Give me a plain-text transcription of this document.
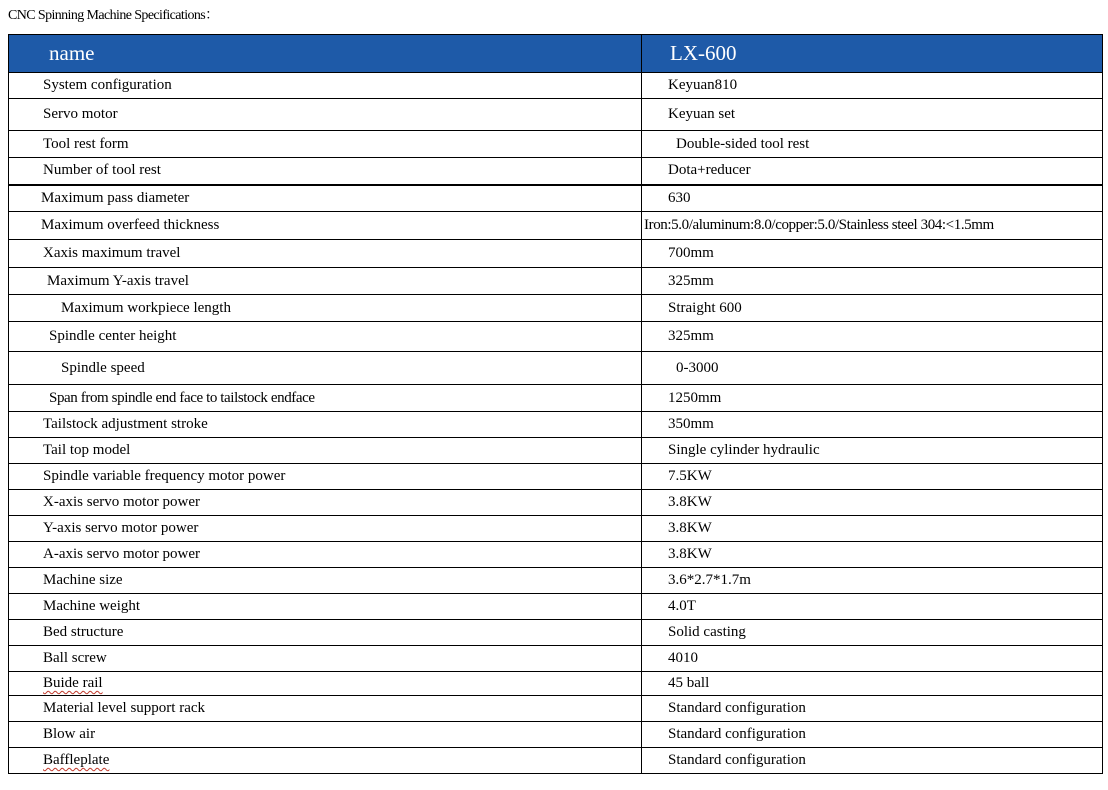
CNC Spinning Machine Specifications：
name	LX-600
System configuration	Keyuan810
Servo motor	Keyuan set
Tool rest form	Double-sided tool rest
Number of tool rest	Dota+reducer
Maximum pass diameter	630
Maximum overfeed thickness	Iron:5.0/aluminum:8.0/copper:5.0/Stainless steel 304:<1.5mm
Xaxis maximum travel	700mm
Maximum Y-axis travel	325mm
Maximum workpiece length	Straight 600
Spindle center height	325mm
Spindle speed	0-3000
Span from spindle end face to tailstock endface	1250mm
Tailstock adjustment stroke	350mm
Tail top model	Single cylinder hydraulic
Spindle variable frequency motor power	7.5KW
X-axis servo motor power	3.8KW
Y-axis servo motor power	3.8KW
A-axis servo motor power	3.8KW
Machine size	3.6*2.7*1.7m
Machine weight	4.0T
Bed structure	Solid casting
Ball screw	4010
Buide rail	45 ball
Material level support rack	Standard configuration
Blow air	Standard configuration
Baffleplate	Standard configuration
